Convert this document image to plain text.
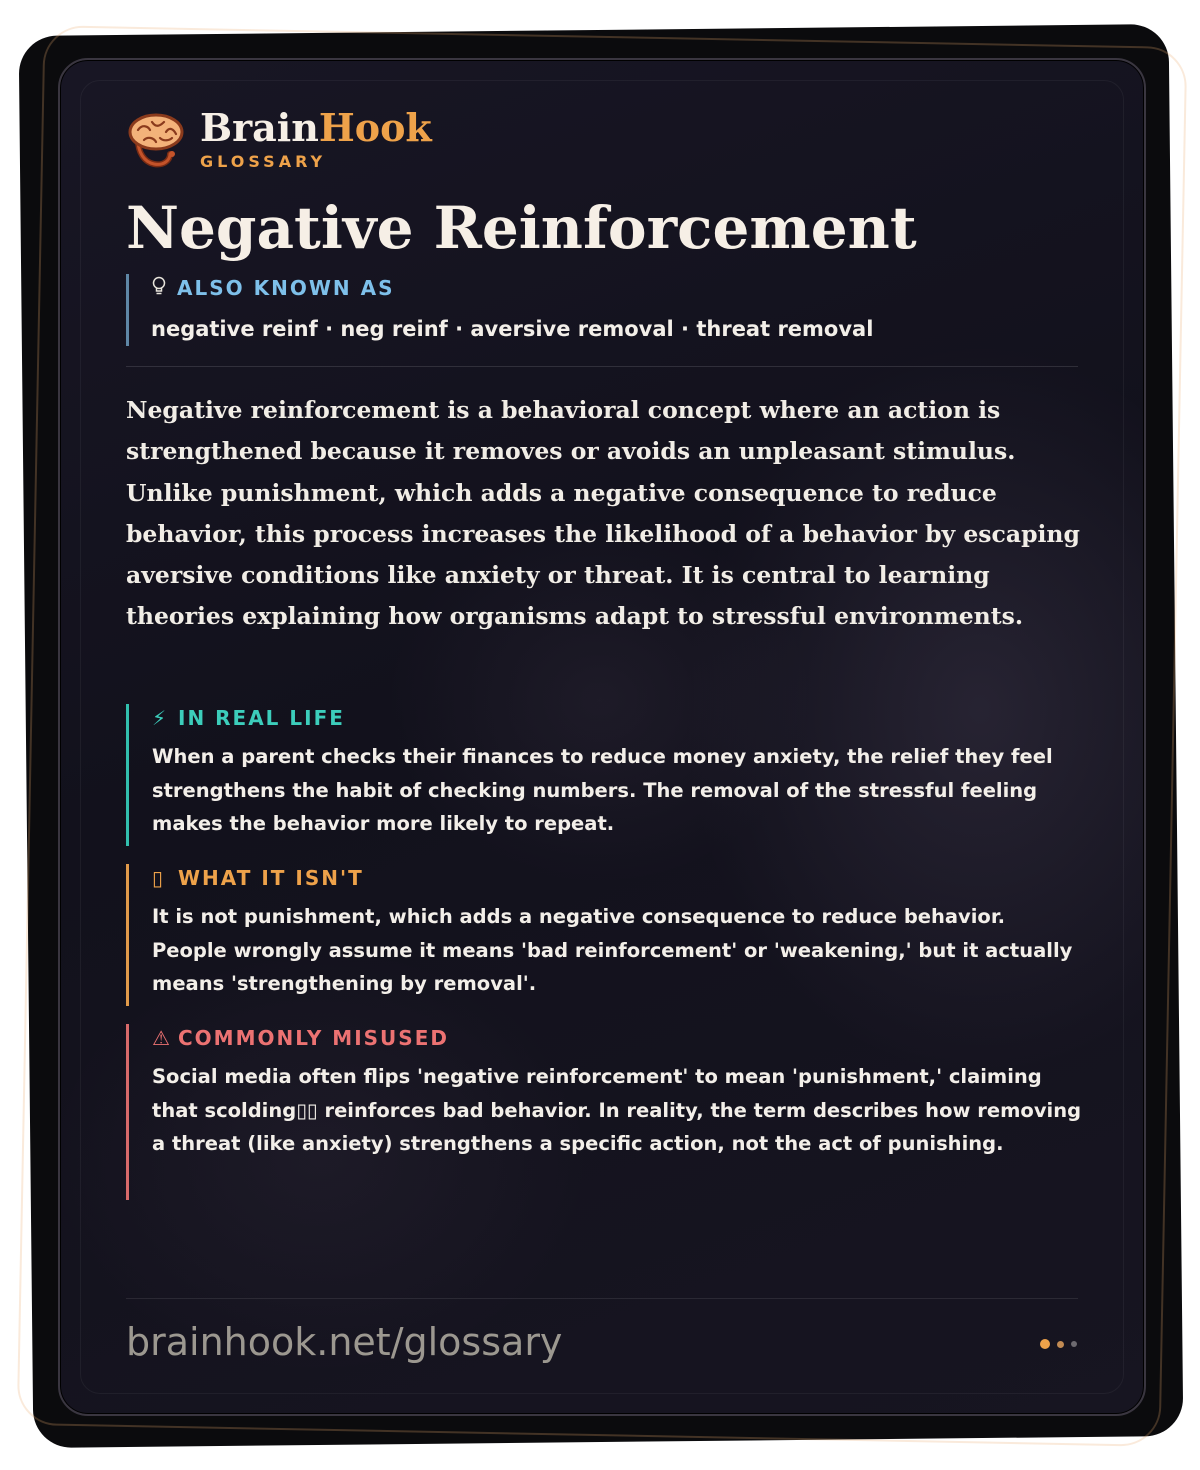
BrainHook
GLOSSARY
Negative Reinforcement
ALSO KNOWN AS
negative reinf · neg reinf · aversive removal · threat removal

Negative reinforcement is a behavioral concept where an action is strengthened because it removes or avoids an unpleasant stimulus. Unlike punishment, which adds a negative consequence to reduce behavior, this process increases the likelihood of a behavior by escaping aversive conditions like anxiety or threat. It is central to learning theories explaining how organisms adapt to stressful environments.

⚡ IN REAL LIFE
When a parent checks their finances to reduce money anxiety, the relief they feel strengthens the habit of checking numbers. The removal of the stressful feeling makes the behavior more likely to repeat.
▯ WHAT IT ISN'T
It is not punishment, which adds a negative consequence to reduce behavior. People wrongly assume it means 'bad reinforcement' or 'weakening,' but it actually means 'strengthening by removal'.
⚠ COMMONLY MISUSED
Social media often flips 'negative reinforcement' to mean 'punishment,' claiming that scolding▯▯ reinforces bad behavior. In reality, the term describes how removing a threat (like anxiety) strengthens a specific action, not the act of punishing.
brainhook.net/glossary
